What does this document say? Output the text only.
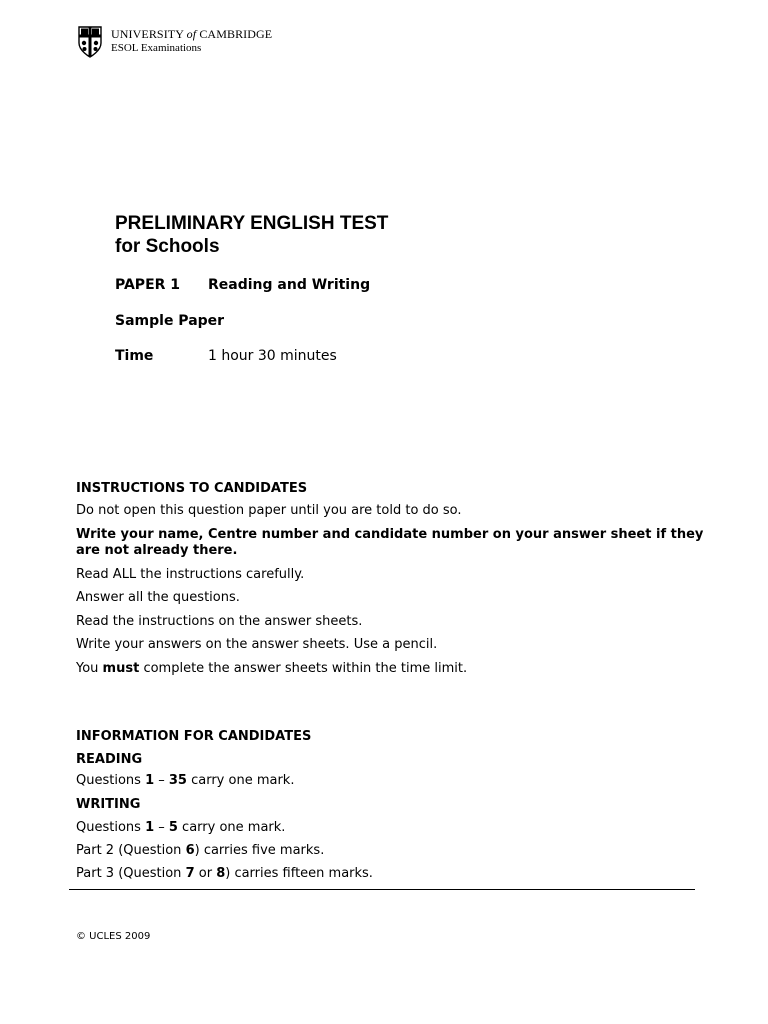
UNIVERSITY of CAMBRIDGE
ESOL Examinations
PRELIMINARY ENGLISH TEST
for Schools
PAPER 1 Reading and Writing
Sample Paper
Time	1 hour 30 minutes
INSTRUCTIONS TO CANDIDATES
Do not open this question paper until you are told to do so.
Write your name, Centre number and candidate number on your answer sheet if they are not already there.
Read ALL the instructions carefully.
Answer all the questions.
Read the instructions on the answer sheets.
Write your answers on the answer sheets. Use a pencil.
You must complete the answer sheets within the time limit.
INFORMATION FOR CANDIDATES
READING
Questions 1 – 35 carry one mark.
WRITING
Questions 1 – 5 carry one mark.
Part 2 (Question 6) carries five marks.
Part 3 (Question 7 or 8) carries fifteen marks.
© UCLES 2009
